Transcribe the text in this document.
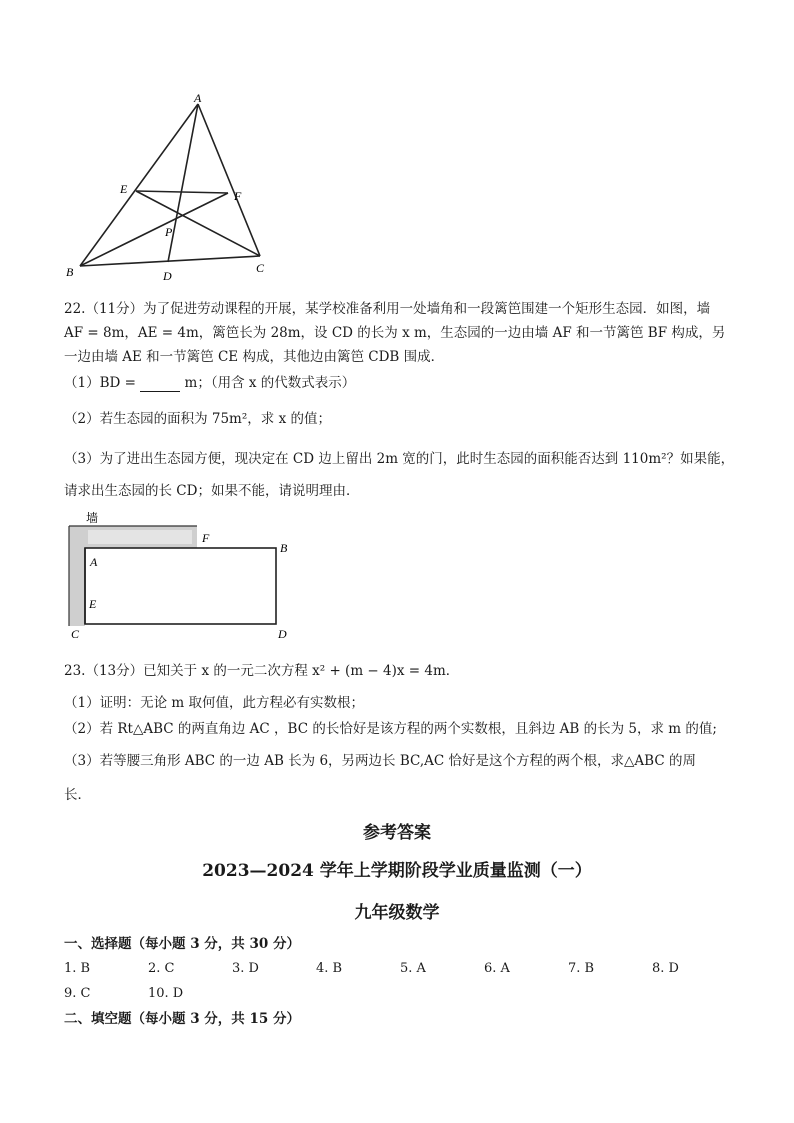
A
B	C
D
E	F
P
22.（11分）为了促进劳动课程的开展，某学校准备利用一处墙角和一段篱笆围建一个矩形生态园．如图，墙
AF = 8m，AE = 4m，篱笆长为 28m，设 CD 的长为 x m，生态园的一边由墙 AF 和一节篱笆 BF 构成，另
一边由墙 AE 和一节篱笆 CE 构成，其他边由篱笆 CDB 围成．
（1）BD =	m；（用含 x 的代数式表示）
（2）若生态园的面积为 75m²，求 x 的值；
（3）为了进出生态园方便，现决定在 CD 边上留出 2m 宽的门，此时生态园的面积能否达到 110m²？如果能，
请求出生态园的长 CD；如果不能，请说明理由．
墙
F
B
A
E
C	D
23.（13分）已知关于 x 的一元二次方程 x² + (m − 4)x = 4m．
（1）证明：无论 m 取何值，此方程必有实数根；
（2）若 Rt△ABC 的两直角边 AC ，BC 的长恰好是该方程的两个实数根，且斜边 AB 的长为 5，求 m 的值;
（3）若等腰三角形 ABC 的一边 AB 长为 6，另两边长 BC,AC 恰好是这个方程的两个根，求△ABC 的周
长．
参考答案
2023—2024 学年上学期阶段学业质量监测（一）
九年级数学
一、选择题（每小题 3 分，共 30 分）
1. B	2. C	3. D	4. B	5. A	6. A	7. B	8. D
9. C	10. D
二、填空题（每小题 3 分，共 15 分）
